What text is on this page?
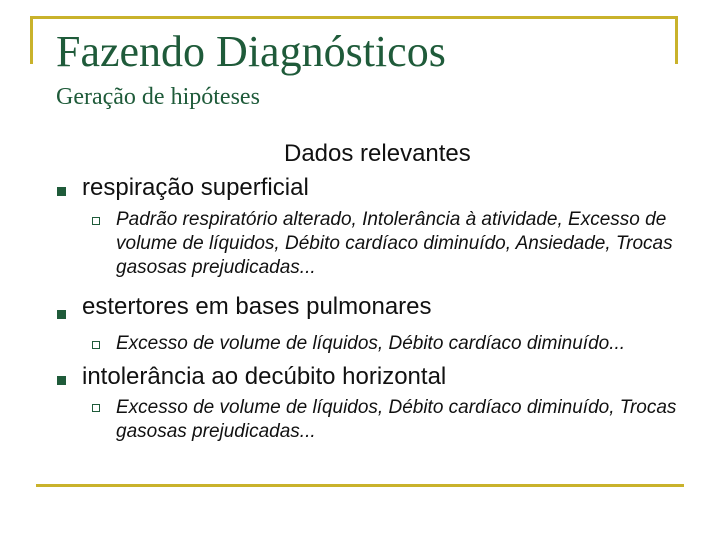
Fazendo Diagnósticos
Geração de hipóteses
Dados relevantes
respiração superficial
Padrão respiratório alterado, Intolerância à atividade, Excesso de volume de líquidos, Débito cardíaco diminuído, Ansiedade, Trocas gasosas prejudicadas...
estertores em bases pulmonares
Excesso de volume de líquidos, Débito cardíaco diminuído...
intolerância ao decúbito horizontal
Excesso de volume de líquidos, Débito cardíaco diminuído, Trocas gasosas prejudicadas...
